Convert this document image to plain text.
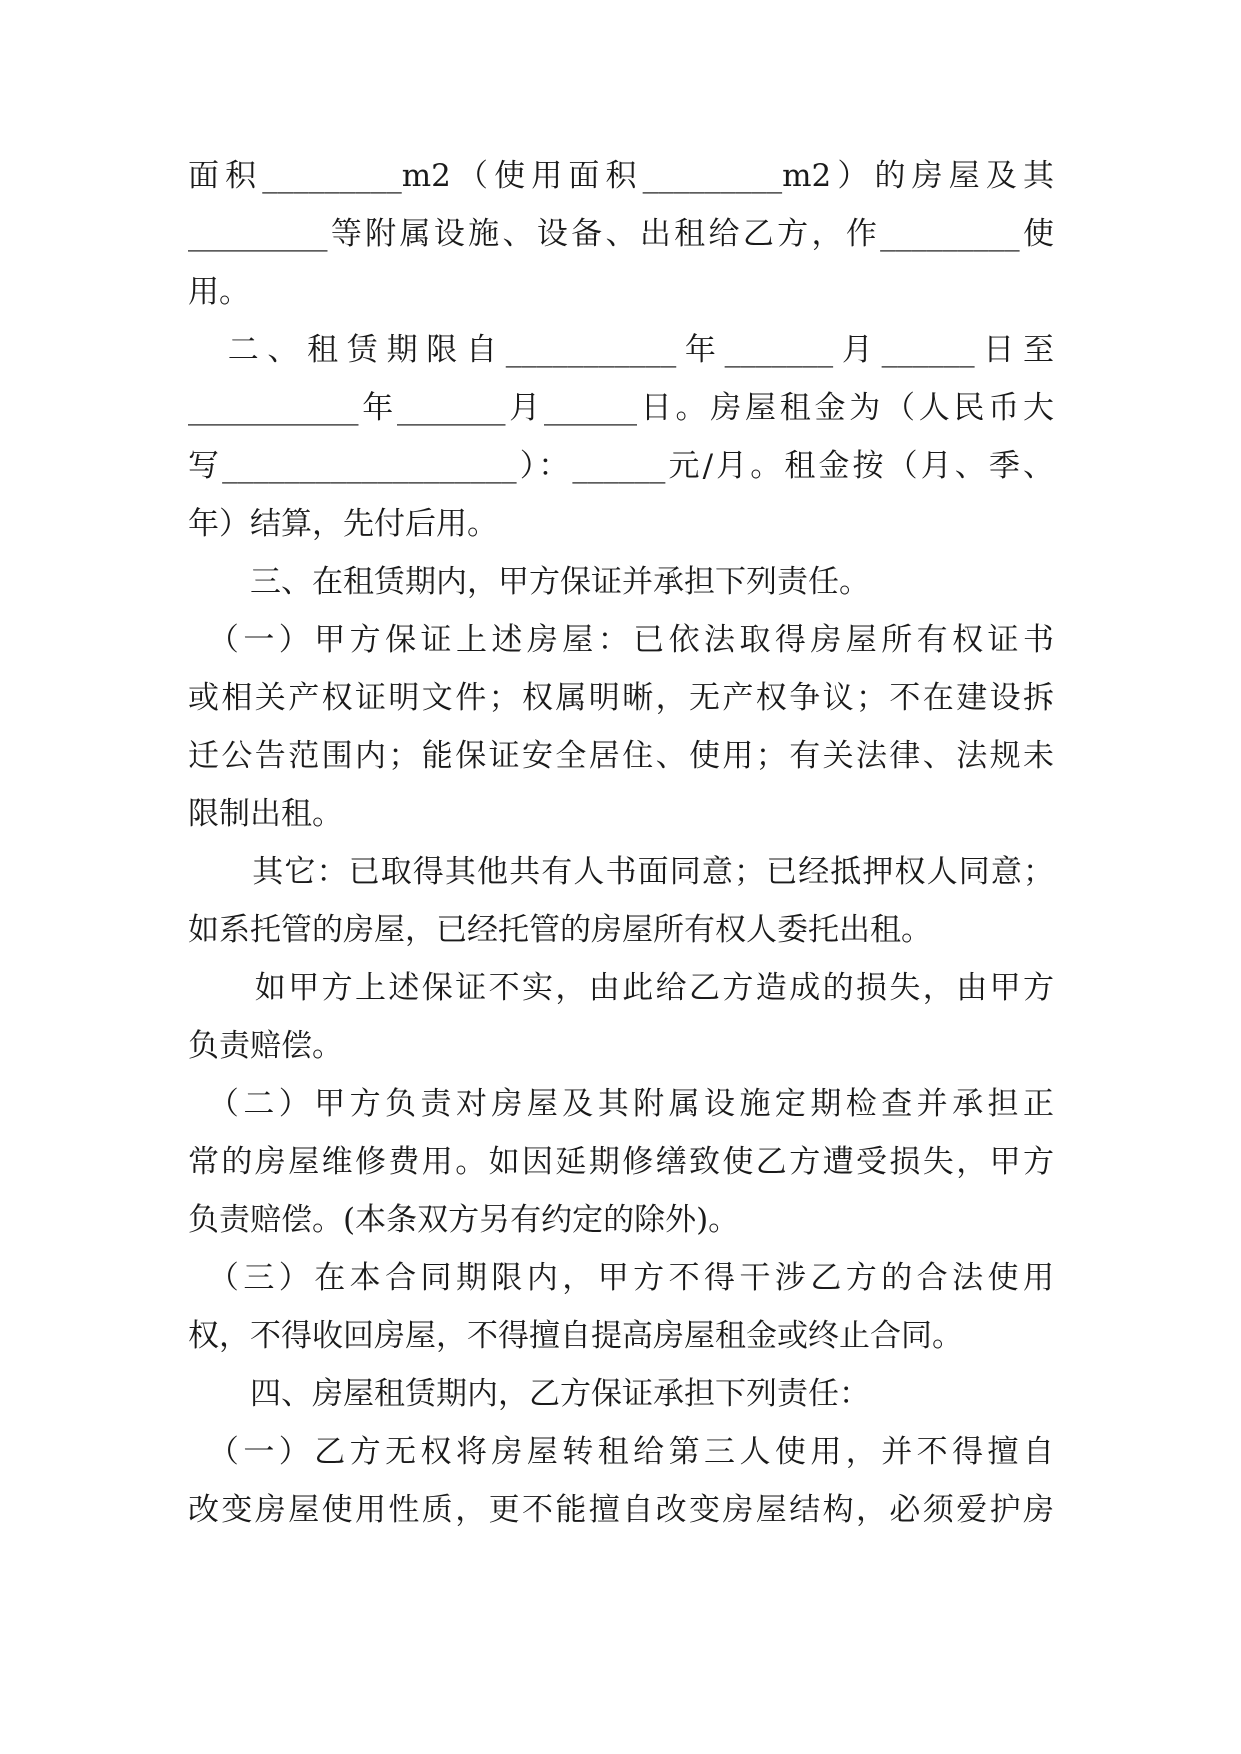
面积_________m2（使用面积_________m2）的房屋及其
_________等附属设施、设备、出租给乙方，作_________使
用。
　二、租赁期限自___________年_______月______日至
___________年_______月______日。房屋租金为（人民币大
写___________________）：______元/月。租金按（月、季、
年）结算，先付后用。
　　三、在租赁期内，甲方保证并承担下列责任。
　（一）甲方保证上述房屋：已依法取得房屋所有权证书
或相关产权证明文件；权属明晰，无产权争议；不在建设拆
迁公告范围内；能保证安全居住、使用；有关法律、法规未
限制出租。
　　其它：已取得其他共有人书面同意；已经抵押权人同意；
如系托管的房屋，已经托管的房屋所有权人委托出租。
　　如甲方上述保证不实，由此给乙方造成的损失，由甲方
负责赔偿。
　（二）甲方负责对房屋及其附属设施定期检查并承担正
常的房屋维修费用。如因延期修缮致使乙方遭受损失，甲方
负责赔偿。(本条双方另有约定的除外)。
　（三）在本合同期限内，甲方不得干涉乙方的合法使用
权，不得收回房屋，不得擅自提高房屋租金或终止合同。
　　四、房屋租赁期内，乙方保证承担下列责任：
　（一）乙方无权将房屋转租给第三人使用，并不得擅自
改变房屋使用性质，更不能擅自改变房屋结构，必须爱护房
